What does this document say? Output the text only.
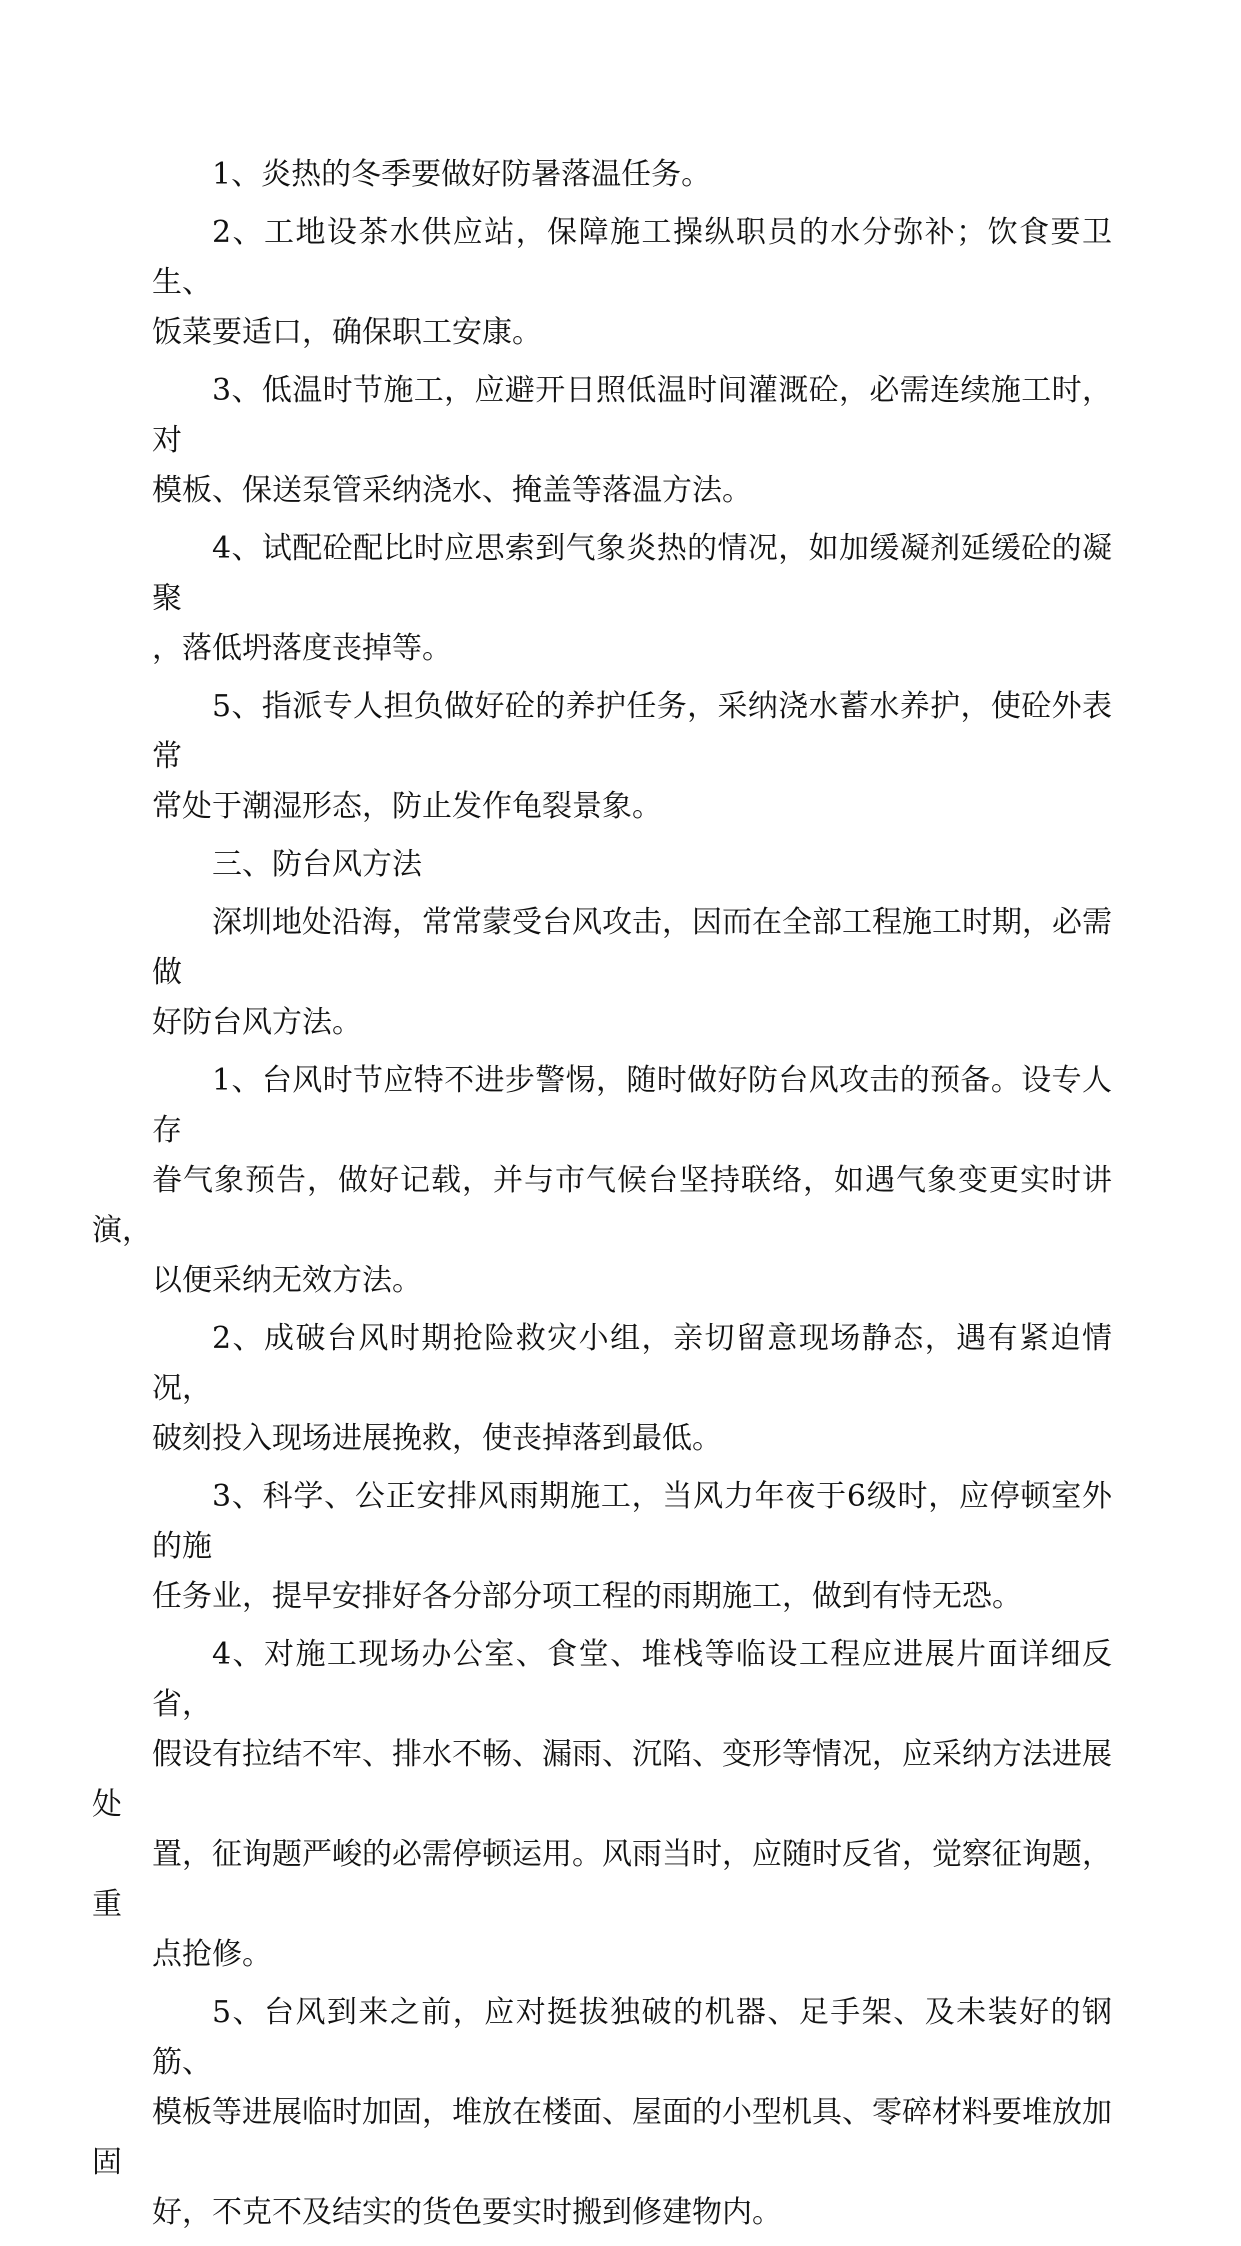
1、炎热的冬季要做好防暑落温任务。

2、工地设茶水供应站，保障施工操纵职员的水分弥补；饮食要卫生、
饭菜要适口，确保职工安康。

3、低温时节施工，应避开日照低温时间灌溉砼，必需连续施工时，对
模板、保送泵管采纳浇水、掩盖等落温方法。

4、试配砼配比时应思索到气象炎热的情况，如加缓凝剂延缓砼的凝聚
，落低坍落度丧掉等。

5、指派专人担负做好砼的养护任务，采纳浇水蓄水养护，使砼外表常
常处于潮湿形态，防止发作龟裂景象。

三、防台风方法

深圳地处沿海，常常蒙受台风攻击，因而在全部工程施工时期，必需做
好防台风方法。

1、台风时节应特不进步警惕，随时做好防台风攻击的预备。设专人存
眷气象预告，做好记载，并与市气候台坚持联络，如遇气象变更实时讲演，
以便采纳无效方法。

2、成破台风时期抢险救灾小组，亲切留意现场静态，遇有紧迫情况，
破刻投入现场进展挽救，使丧掉落到最低。

3、科学、公正安排风雨期施工，当风力年夜于6级时，应停顿室外的施
任务业，提早安排好各分部分项工程的雨期施工，做到有恃无恐。

4、对施工现场办公室、食堂、堆栈等临设工程应进展片面详细反省，
假设有拉结不牢、排水不畅、漏雨、沉陷、变形等情况，应采纳方法进展处
置，征询题严峻的必需停顿运用。风雨当时，应随时反省，觉察征询题，重
点抢修。

5、台风到来之前，应对挺拔独破的机器、足手架、及未装好的钢筋、
模板等进展临时加固，堆放在楼面、屋面的小型机具、零碎材料要堆放加固
好，不克不及结实的货色要实时搬到修建物内。
